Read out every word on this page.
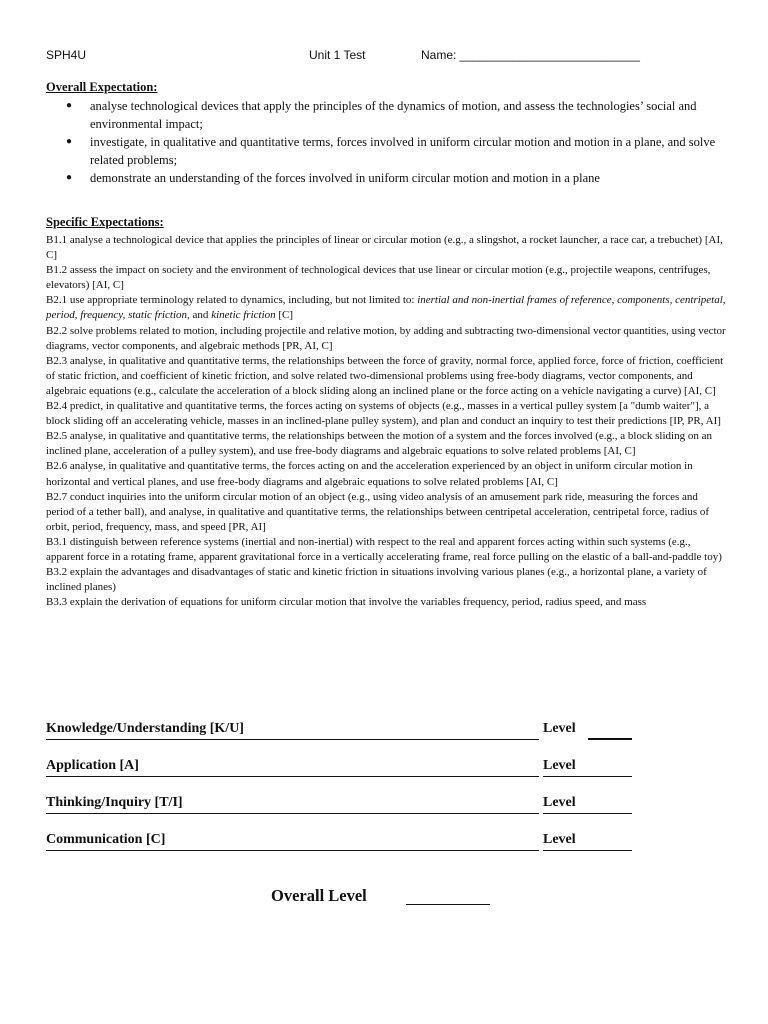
SPH4U	Unit 1 Test	Name: ___________________________
Overall Expectation:
● analyse technological devices that apply the principles of the dynamics of motion, and assess the technologies’ social and environmental impact;
● investigate, in qualitative and quantitative terms, forces involved in uniform circular motion and motion in a plane, and solve related problems;
● demonstrate an understanding of the forces involved in uniform circular motion and motion in a plane
Specific Expectations:

B1.1 analyse a technological device that applies the principles of linear or circular motion (e.g., a slingshot, a rocket launcher, a race car, a trebuchet) [AI, C]

B1.2 assess the impact on society and the environment of technological devices that use linear or circular motion (e.g., projectile weapons, centrifuges, elevators) [AI, C]

B2.1 use appropriate terminology related to dynamics, including, but not limited to: inertial and non-inertial frames of reference, components, centripetal, period, frequency, static friction, and kinetic friction [C]

B2.2 solve problems related to motion, including projectile and relative motion, by adding and subtracting two-dimensional vector quantities, using vector diagrams, vector components, and algebraic methods [PR, AI, C]

B2.3 analyse, in qualitative and quantitative terms, the relationships between the force of gravity, normal force, applied force, force of friction, coefficient of static friction, and coefficient of kinetic friction, and solve related two-dimensional problems using free-body diagrams, vector components, and algebraic equations (e.g., calculate the acceleration of a block sliding along an inclined plane or the force acting on a vehicle navigating a curve) [AI, C]

B2.4 predict, in qualitative and quantitative terms, the forces acting on systems of objects (e.g., masses in a vertical pulley system [a "dumb waiter"], a block sliding off an accelerating vehicle, masses in an inclined-plane pulley system), and plan and conduct an inquiry to test their predictions [IP, PR, AI]

B2.5 analyse, in qualitative and quantitative terms, the relationships between the motion of a system and the forces involved (e.g., a block sliding on an inclined plane, acceleration of a pulley system), and use free-body diagrams and algebraic equations to solve related problems [AI, C]

B2.6 analyse, in qualitative and quantitative terms, the forces acting on and the acceleration experienced by an object in uniform circular motion in horizontal and vertical planes, and use free-body diagrams and algebraic equations to solve related problems [AI, C]

B2.7 conduct inquiries into the uniform circular motion of an object (e.g., using video analysis of an amusement park ride, measuring the forces and period of a tether ball), and analyse, in qualitative and quantitative terms, the relationships between centripetal acceleration, centripetal force, radius of orbit, period, frequency, mass, and speed [PR, AI]

B3.1 distinguish between reference systems (inertial and non-inertial) with respect to the real and apparent forces acting within such systems (e.g., apparent force in a rotating frame, apparent gravitational force in a vertically accelerating frame, real force pulling on the elastic of a ball-and-paddle toy)

B3.2 explain the advantages and disadvantages of static and kinetic friction in situations involving various planes (e.g., a horizontal plane, a variety of inclined planes)

B3.3 explain the derivation of equations for uniform circular motion that involve the variables frequency, period, radius speed, and mass

Knowledge/Understanding [K/U]	Level
Application [A]	Level
Thinking/Inquiry [T/I]	Level
Communication [C]	Level
Overall Level
